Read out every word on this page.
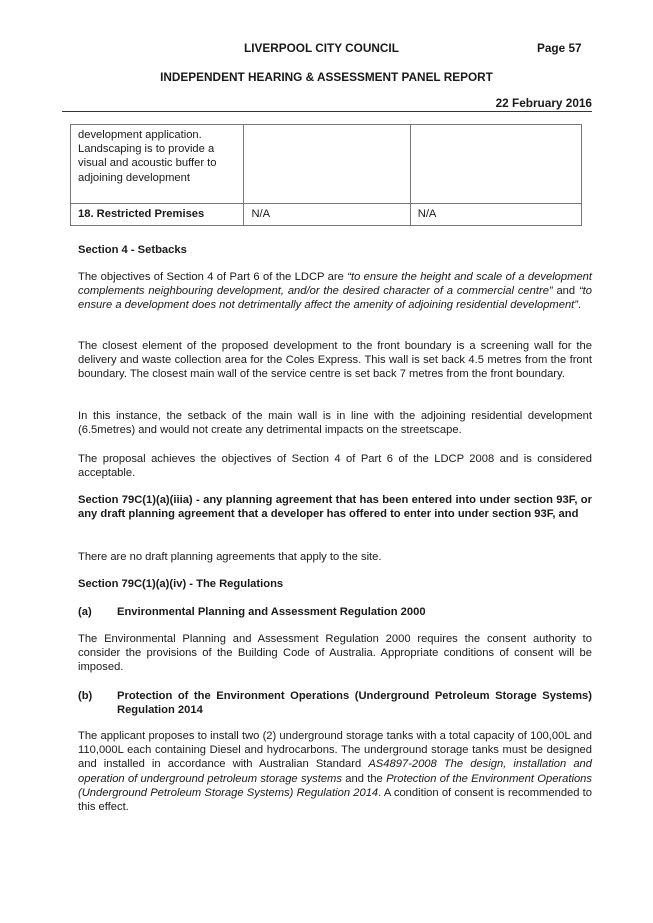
LIVERPOOL CITY COUNCIL	Page 57
INDEPENDENT HEARING & ASSESSMENT PANEL REPORT
22 February 2016
development application. Landscaping is to provide a visual and acoustic buffer to adjoining development		
18. Restricted Premises	N/A	N/A
Section 4 - Setbacks
The objectives of Section 4 of Part 6 of the LDCP are “to ensure the height and scale of a development complements neighbouring development, and/or the desired character of a commercial centre” and “to ensure a development does not detrimentally affect the amenity of adjoining residential development”.
The closest element of the proposed development to the front boundary is a screening wall for the delivery and waste collection area for the Coles Express. This wall is set back 4.5 metres from the front boundary. The closest main wall of the service centre is set back 7 metres from the front boundary.
In this instance, the setback of the main wall is in line with the adjoining residential development (6.5metres) and would not create any detrimental impacts on the streetscape.
The proposal achieves the objectives of Section 4 of Part 6 of the LDCP 2008 and is considered acceptable.
Section 79C(1)(a)(iiia) - any planning agreement that has been entered into under section 93F, or any draft planning agreement that a developer has offered to enter into under section 93F, and
There are no draft planning agreements that apply to the site.
Section 79C(1)(a)(iv) - The Regulations
(a) Environmental Planning and Assessment Regulation 2000
The Environmental Planning and Assessment Regulation 2000 requires the consent authority to consider the provisions of the Building Code of Australia. Appropriate conditions of consent will be imposed.
(b) Protection of the Environment Operations (Underground Petroleum Storage Systems) Regulation 2014
The applicant proposes to install two (2) underground storage tanks with a total capacity of 100,00L and 110,000L each containing Diesel and hydrocarbons. The underground storage tanks must be designed and installed in accordance with Australian Standard AS4897-2008 The design, installation and operation of underground petroleum storage systems and the Protection of the Environment Operations (Underground Petroleum Storage Systems) Regulation 2014. A condition of consent is recommended to this effect.
